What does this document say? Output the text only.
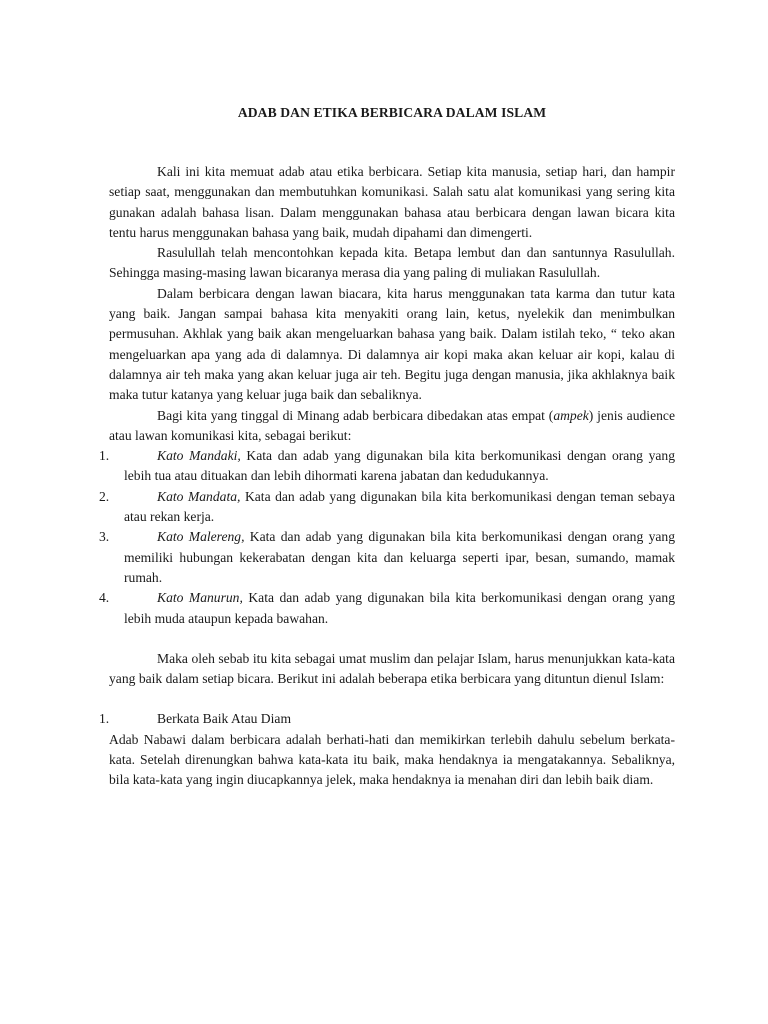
ADAB DAN ETIKA BERBICARA DALAM ISLAM

Kali ini kita memuat adab atau etika berbicara. Setiap kita manusia, setiap hari, dan hampir setiap saat, menggunakan dan membutuhkan komunikasi. Salah satu alat komunikasi yang sering kita gunakan adalah bahasa lisan. Dalam menggunakan bahasa atau berbicara dengan lawan bicara kita tentu harus menggunakan bahasa yang baik, mudah dipahami dan dimengerti.

Rasulullah telah mencontohkan kepada kita. Betapa lembut dan dan santunnya Rasulullah. Sehingga masing-masing lawan bicaranya merasa dia yang paling di muliakan Rasulullah.

Dalam berbicara dengan lawan biacara, kita harus menggunakan tata karma dan tutur kata yang baik. Jangan sampai bahasa kita menyakiti orang lain, ketus, nyelekik dan menimbulkan permusuhan. Akhlak yang baik akan mengeluarkan bahasa yang baik. Dalam istilah teko, “ teko akan mengeluarkan apa yang ada di dalamnya. Di dalamnya air kopi maka akan keluar air kopi, kalau di dalamnya air teh maka yang akan keluar juga air teh. Begitu juga dengan manusia, jika akhlaknya baik maka tutur katanya yang keluar juga baik dan sebaliknya.

Bagi kita yang tinggal di Minang adab berbicara dibedakan atas empat (ampek) jenis audience atau lawan komunikasi kita, sebagai berikut:

1.	Kato Mandaki, Kata dan adab yang digunakan bila kita berkomunikasi dengan orang yang lebih tua atau dituakan dan lebih dihormati karena jabatan dan kedudukannya.
2.	Kato Mandata, Kata dan adab yang digunakan bila kita berkomunikasi dengan teman sebaya atau rekan kerja.
3.	Kato Malereng, Kata dan adab yang digunakan bila kita berkomunikasi dengan orang yang memiliki hubungan kekerabatan dengan kita dan keluarga seperti ipar, besan, sumando, mamak rumah.
4.	Kato Manurun, Kata dan adab yang digunakan bila kita berkomunikasi dengan orang yang lebih muda ataupun kepada bawahan.

Maka oleh sebab itu kita sebagai umat muslim dan pelajar Islam, harus menunjukkan kata-kata yang baik dalam setiap bicara. Berikut ini adalah beberapa etika berbicara yang dituntun dienul Islam:

1.	Berkata Baik Atau Diam

Adab Nabawi dalam berbicara adalah berhati-hati dan memikirkan terlebih dahulu sebelum berkata-kata. Setelah direnungkan bahwa kata-kata itu baik, maka hendaknya ia mengatakannya. Sebaliknya, bila kata-kata yang ingin diucapkannya jelek, maka hendaknya ia menahan diri dan lebih baik diam.
